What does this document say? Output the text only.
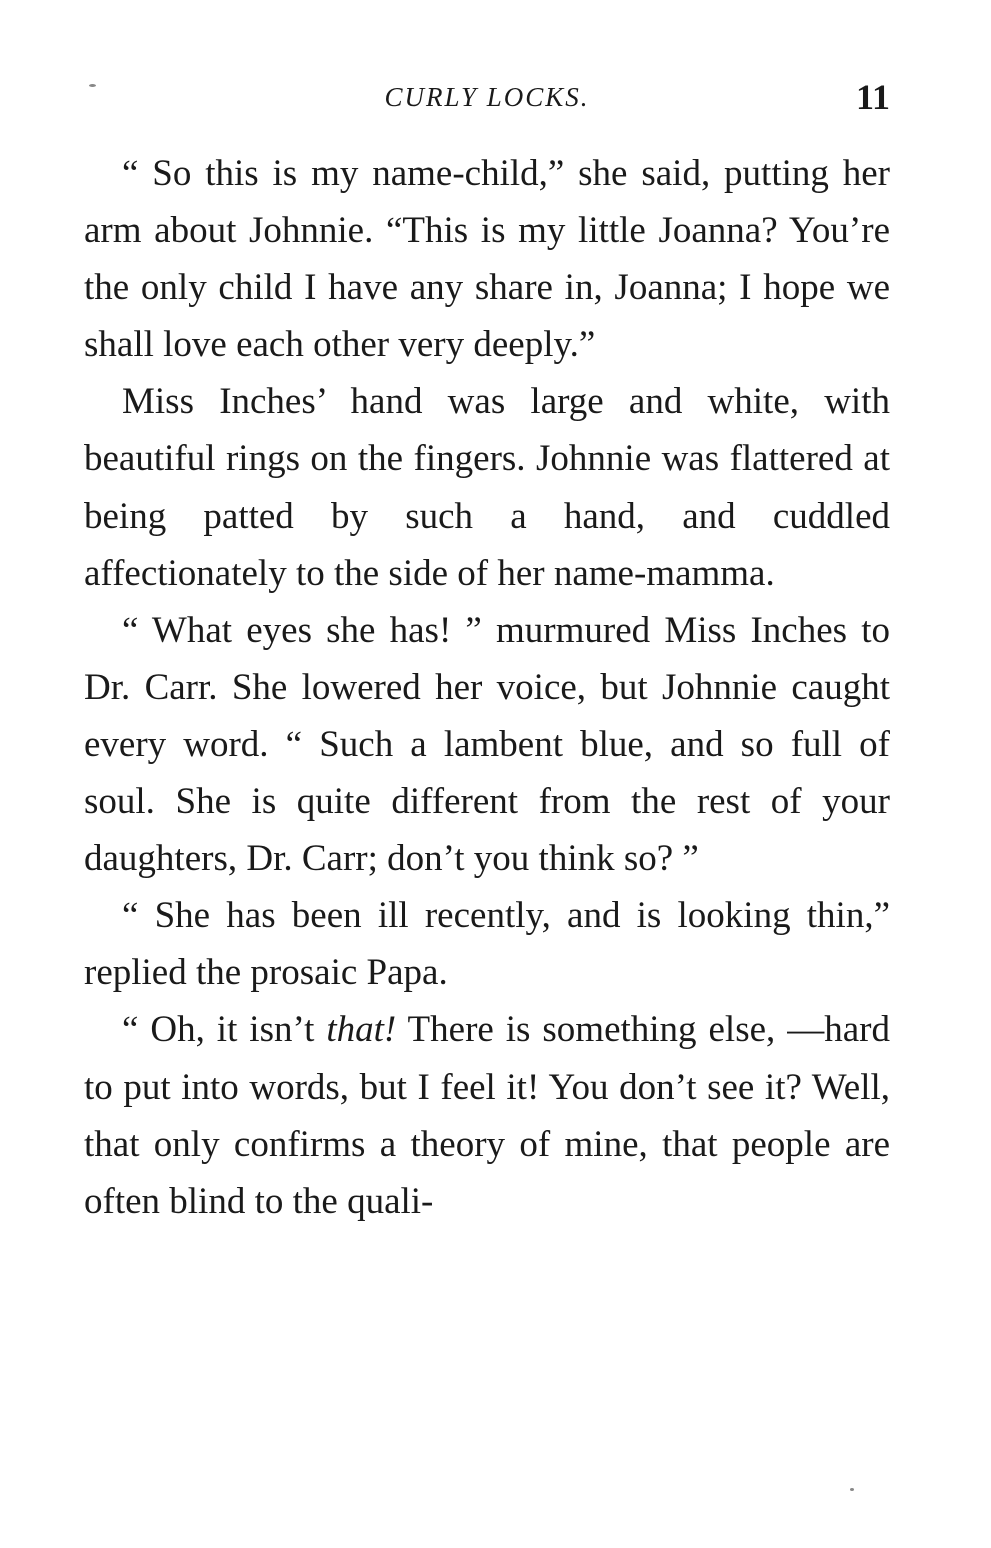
CURLY LOCKS.	11

“ So this is my name-child,” she said, putting her arm about Johnnie. “This is my little Joanna? You’re the only child I have any share in, Joanna; I hope we shall love each other very deeply.”

Miss Inches’ hand was large and white, with beautiful rings on the fingers. Johnnie was flattered at being patted by such a hand, and cuddled affectionately to the side of her name-mamma.

“ What eyes she has! ” murmured Miss Inches to Dr. Carr. She lowered her voice, but Johnnie caught every word. “ Such a lambent blue, and so full of soul. She is quite different from the rest of your daughters, Dr. Carr; don’t you think so? ”

“ She has been ill recently, and is looking thin,” replied the prosaic Papa.

“ Oh, it isn’t that! There is something else, —hard to put into words, but I feel it! You don’t see it? Well, that only confirms a theory of mine, that people are often blind to the quali-
